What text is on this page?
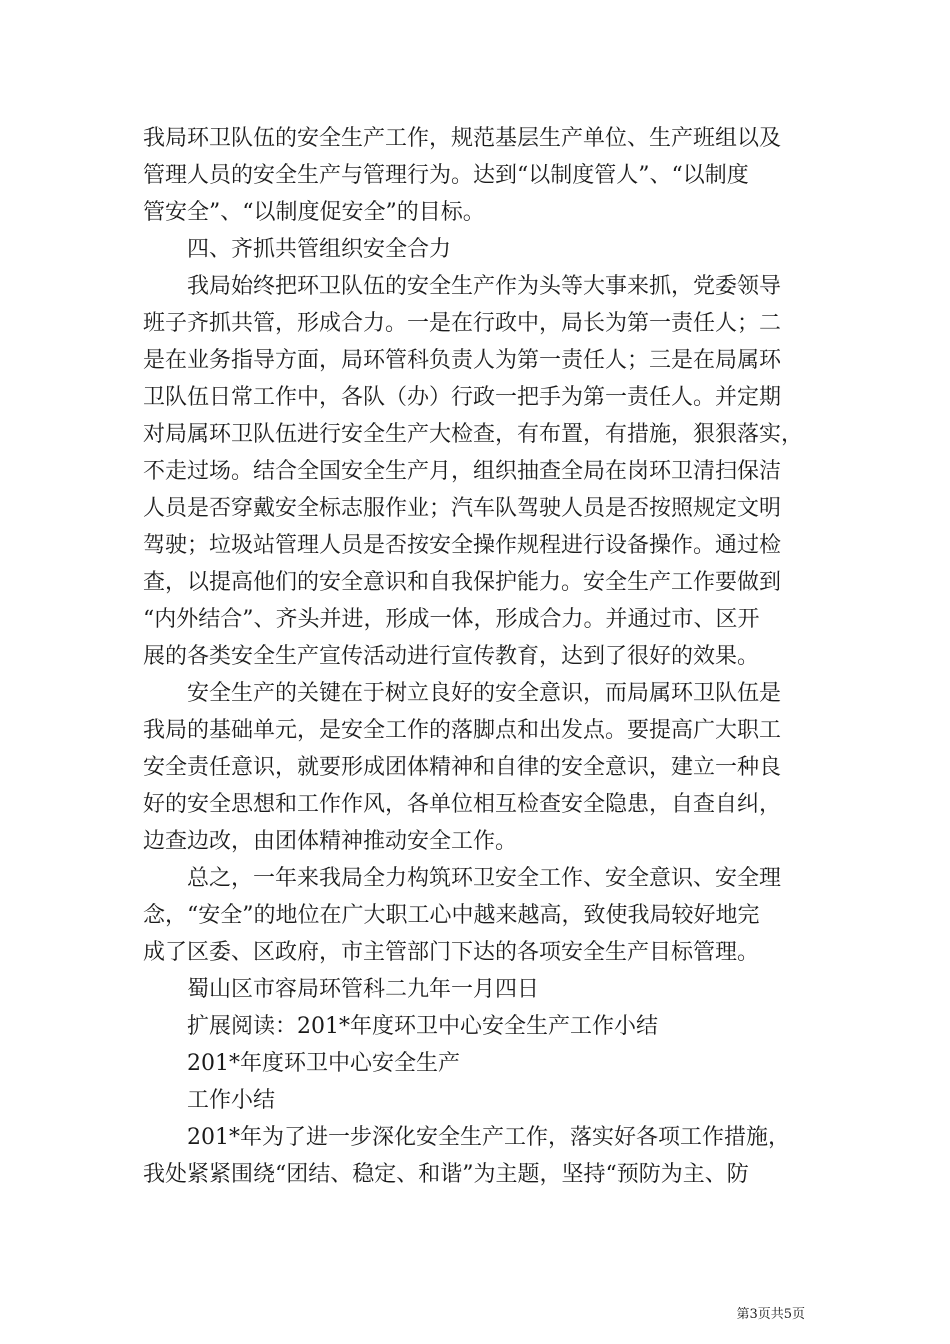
我局环卫队伍的安全生产工作，规范基层生产单位、生产班组以及
管理人员的安全生产与管理行为。达到“以制度管人”、“以制度
管安全”、“以制度促安全”的目标。
四、齐抓共管组织安全合力
我局始终把环卫队伍的安全生产作为头等大事来抓，党委领导
班子齐抓共管，形成合力。一是在行政中，局长为第一责任人；二
是在业务指导方面，局环管科负责人为第一责任人；三是在局属环
卫队伍日常工作中，各队（办）行政一把手为第一责任人。并定期
对局属环卫队伍进行安全生产大检查，有布置，有措施，狠狠落实，
不走过场。结合全国安全生产月，组织抽查全局在岗环卫清扫保洁
人员是否穿戴安全标志服作业；汽车队驾驶人员是否按照规定文明
驾驶；垃圾站管理人员是否按安全操作规程进行设备操作。通过检
查，以提高他们的安全意识和自我保护能力。安全生产工作要做到
“内外结合”、齐头并进，形成一体，形成合力。并通过市、区开
展的各类安全生产宣传活动进行宣传教育，达到了很好的效果。
安全生产的关键在于树立良好的安全意识，而局属环卫队伍是
我局的基础单元，是安全工作的落脚点和出发点。要提高广大职工
安全责任意识，就要形成团体精神和自律的安全意识，建立一种良
好的安全思想和工作作风，各单位相互检查安全隐患，自查自纠，
边查边改，由团体精神推动安全工作。
总之，一年来我局全力构筑环卫安全工作、安全意识、安全理
念，“安全”的地位在广大职工心中越来越高，致使我局较好地完
成了区委、区政府，市主管部门下达的各项安全生产目标管理。
蜀山区市容局环管科二九年一月四日
扩展阅读：201*年度环卫中心安全生产工作小结
201*年度环卫中心安全生产
工作小结
201*年为了进一步深化安全生产工作，落实好各项工作措施，
我处紧紧围绕“团结、稳定、和谐”为主题，坚持“预防为主、防
第3页共5页
